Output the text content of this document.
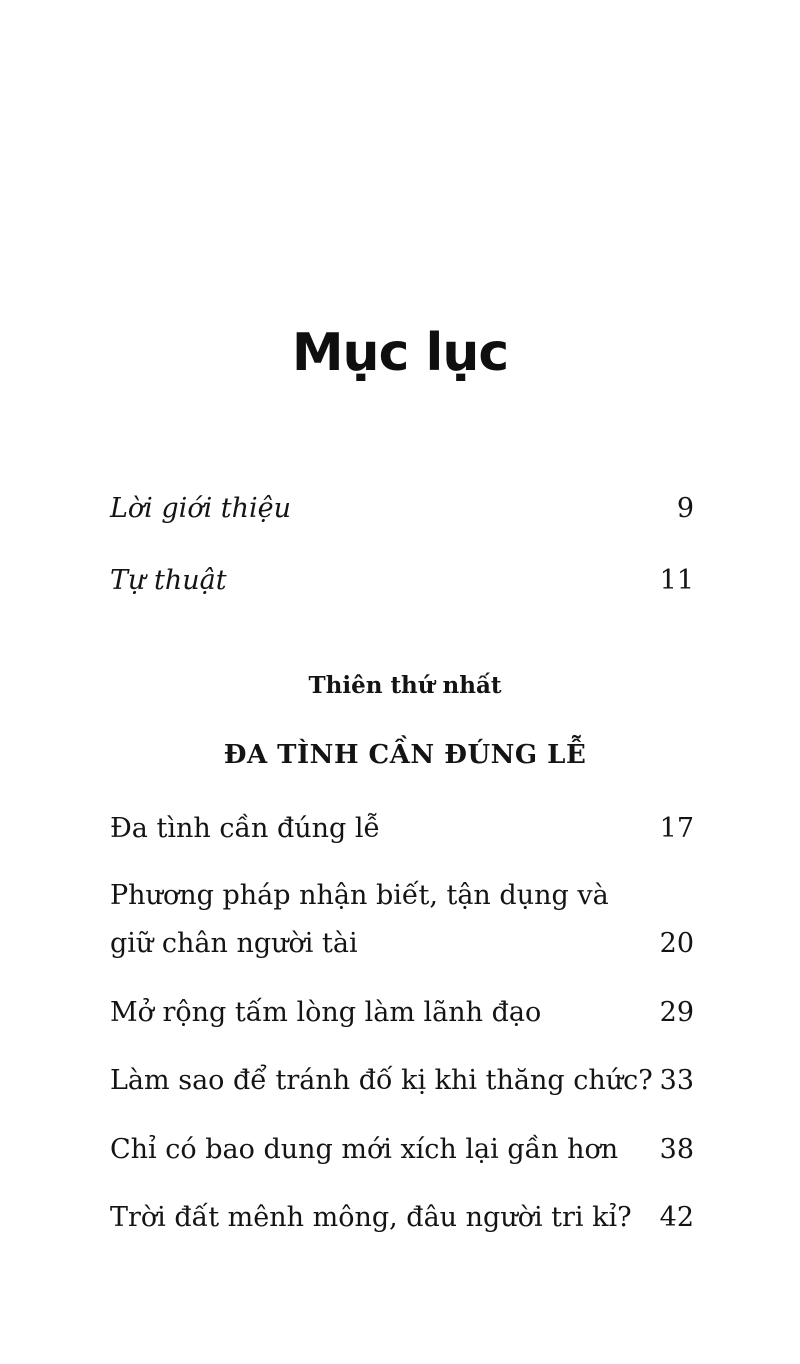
Mục lục
Lời giới thiệu	9
Tự thuật	11
Thiên thứ nhất
ĐA TÌNH CẦN ĐÚNG LỄ
Đa tình cần đúng lễ	17
Phương pháp nhận biết, tận dụng và
giữ chân người tài	20
Mở rộng tấm lòng làm lãnh đạo	29
Làm sao để tránh đố kị khi thăng chức? 33
Chỉ có bao dung mới xích lại gần hơn 38
Trời đất mênh mông, đâu người tri kỉ? 42
